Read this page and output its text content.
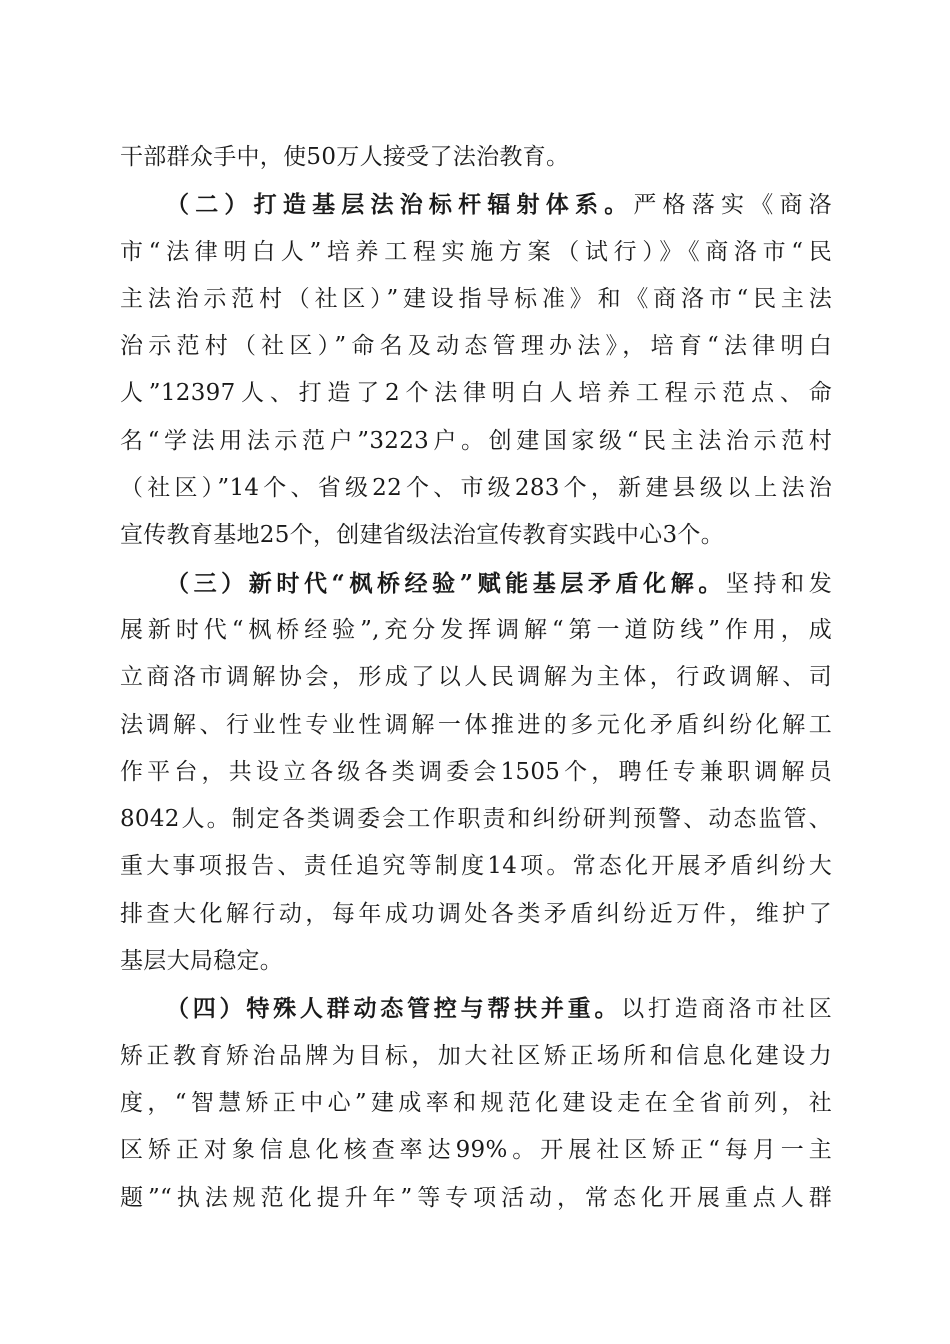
干部群众手中，使50万人接受了法治教育。
（二）打造基层法治标杆辐射体系。严格落实《商洛
市“法律明白人”培养工程实施方案（试行）》《商洛市“民
主法治示范村（社区）”建设指导标准》和《商洛市“民主法
治示范村（社区）”命名及动态管理办法》，培育“法律明白
人”12397人、打造了2个法律明白人培养工程示范点、命
名“学法用法示范户”3223户。创建国家级“民主法治示范村
（社区）”14个、省级22个、市级283个，新建县级以上法治
宣传教育基地25个，创建省级法治宣传教育实践中心3个。
（三）新时代“枫桥经验”赋能基层矛盾化解。坚持和发
展新时代“枫桥经验”,充分发挥调解“第一道防线”作用，成
立商洛市调解协会，形成了以人民调解为主体，行政调解、司
法调解、行业性专业性调解一体推进的多元化矛盾纠纷化解工
作平台，共设立各级各类调委会1505个，聘任专兼职调解员
8042人。制定各类调委会工作职责和纠纷研判预警、动态监管、
重大事项报告、责任追究等制度14项。常态化开展矛盾纠纷大
排查大化解行动，每年成功调处各类矛盾纠纷近万件，维护了
基层大局稳定。
（四）特殊人群动态管控与帮扶并重。以打造商洛市社区
矫正教育矫治品牌为目标，加大社区矫正场所和信息化建设力
度，“智慧矫正中心”建成率和规范化建设走在全省前列，社
区矫正对象信息化核查率达99%。开展社区矫正“每月一主
题”“执法规范化提升年”等专项活动，常态化开展重点人群
